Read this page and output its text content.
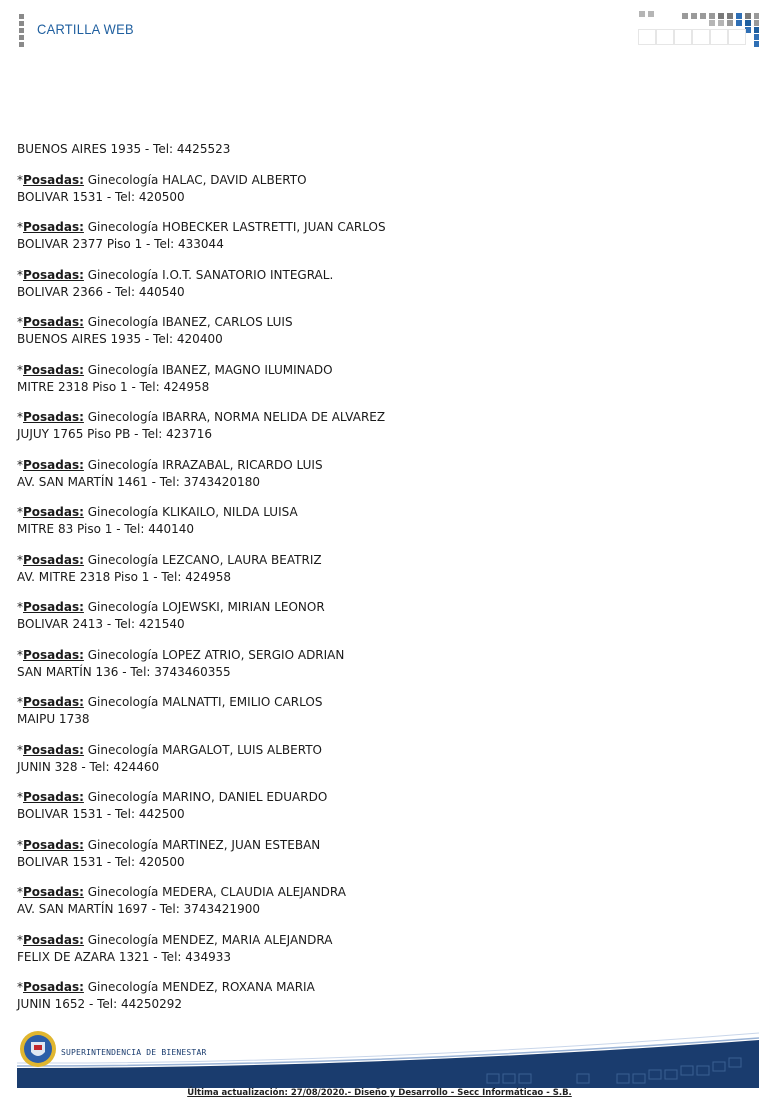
CARTILLA WEB
BUENOS AIRES 1935 - Tel: 4425523
*Posadas: Ginecología HALAC, DAVID ALBERTO
BOLIVAR 1531 - Tel: 420500
*Posadas: Ginecología HOBECKER LASTRETTI, JUAN CARLOS
BOLIVAR 2377 Piso 1 - Tel: 433044
*Posadas: Ginecología I.O.T. SANATORIO INTEGRAL.
BOLIVAR 2366 - Tel: 440540
*Posadas: Ginecología IBANEZ, CARLOS LUIS
BUENOS AIRES 1935 - Tel: 420400
*Posadas: Ginecología IBANEZ, MAGNO ILUMINADO
MITRE 2318 Piso 1 - Tel: 424958
*Posadas: Ginecología IBARRA, NORMA NELIDA DE ALVAREZ
JUJUY 1765 Piso PB - Tel: 423716
*Posadas: Ginecología IRRAZABAL, RICARDO LUIS
AV. SAN MARTÍN 1461 - Tel: 3743420180
*Posadas: Ginecología KLIKAILO, NILDA LUISA
MITRE 83 Piso 1 - Tel: 440140
*Posadas: Ginecología LEZCANO, LAURA BEATRIZ
AV. MITRE 2318 Piso 1 - Tel: 424958
*Posadas: Ginecología LOJEWSKI, MIRIAN LEONOR
BOLIVAR 2413 - Tel: 421540
*Posadas: Ginecología LOPEZ ATRIO, SERGIO ADRIAN
SAN MARTÍN 136 - Tel: 3743460355
*Posadas: Ginecología MALNATTI, EMILIO CARLOS
MAIPU 1738
*Posadas: Ginecología MARGALOT, LUIS ALBERTO
JUNIN 328 - Tel: 424460
*Posadas: Ginecología MARINO, DANIEL EDUARDO
BOLIVAR 1531 - Tel: 442500
*Posadas: Ginecología MARTINEZ, JUAN ESTEBAN
BOLIVAR 1531 - Tel: 420500
*Posadas: Ginecología MEDERA, CLAUDIA ALEJANDRA
AV. SAN MARTÍN 1697 - Tel: 3743421900
*Posadas: Ginecología MENDEZ, MARIA ALEJANDRA
FELIX DE AZARA 1321 - Tel: 434933
*Posadas: Ginecología MENDEZ, ROXANA MARIA
JUNIN 1652 - Tel: 44250292
SUPERINTENDENCIA DE BIENESTAR
Última actualización: 27/08/2020.- Diseño y Desarrollo - Secc Informáticao - S.B.
